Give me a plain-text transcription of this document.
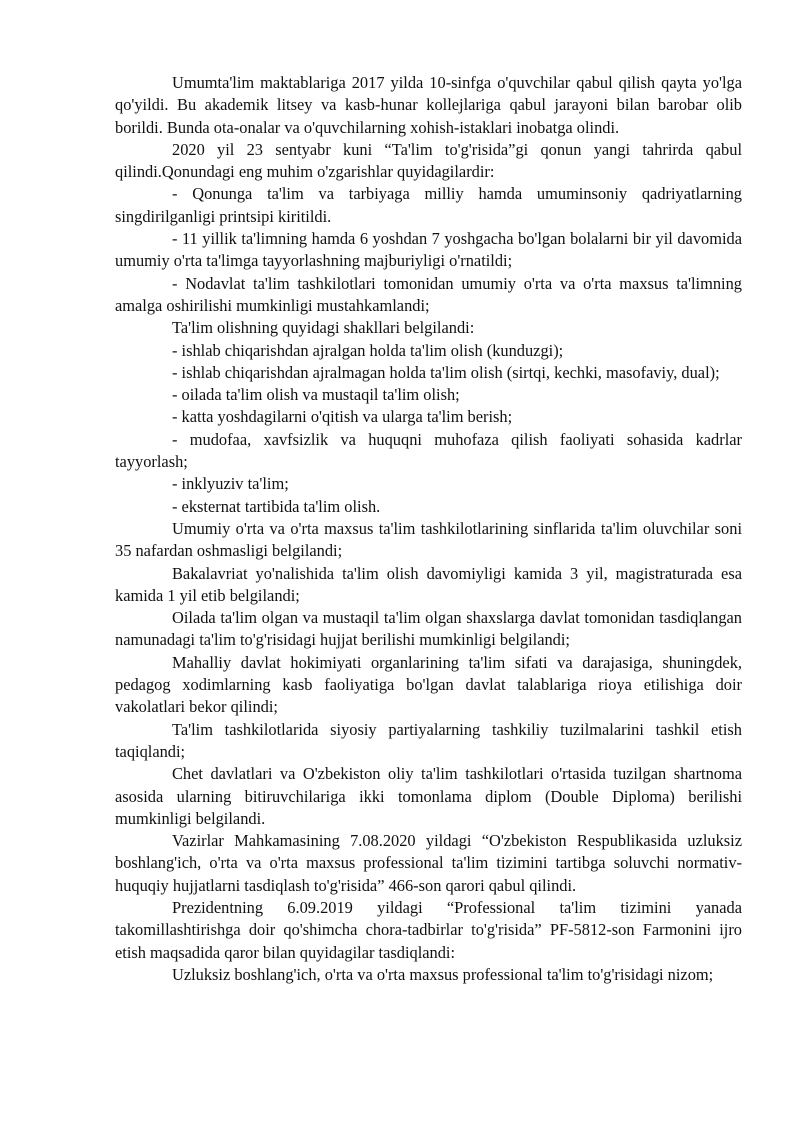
Umumta'lim maktablariga 2017 yilda 10-sinfga o'quvchilar qabul qilish qayta yo'lga qo'yildi. Bu akademik litsey va kasb-hunar kollejlariga qabul jarayoni bilan barobar olib borildi. Bunda ota-onalar va o'quvchilarning xohish-istaklari inobatga olindi.

2020 yil 23 sentyabr kuni “Ta'lim to'g'risida”gi qonun yangi tahrirda qabul qilindi.Qonundagi eng muhim o'zgarishlar quyidagilardir:

- Qonunga ta'lim va tarbiyaga milliy hamda umuminsoniy qadriyatlarning singdirilganligi printsipi kiritildi.

- 11 yillik ta'limning hamda 6 yoshdan 7 yoshgacha bo'lgan bolalarni bir yil davomida umumiy o'rta ta'limga tayyorlashning majburiyligi o'rnatildi;

- Nodavlat ta'lim tashkilotlari tomonidan umumiy o'rta va o'rta maxsus ta'limning amalga oshirilishi mumkinligi mustahkamlandi;

Ta'lim olishning quyidagi shakllari belgilandi:

- ishlab chiqarishdan ajralgan holda ta'lim olish (kunduzgi);

- ishlab chiqarishdan ajralmagan holda ta'lim olish (sirtqi, kechki, masofaviy, dual);

- oilada ta'lim olish va mustaqil ta'lim olish;

- katta yoshdagilarni o'qitish va ularga ta'lim berish;

- mudofaa, xavfsizlik va huquqni muhofaza qilish faoliyati sohasida kadrlar tayyorlash;

- inklyuziv ta'lim;

- eksternat tartibida ta'lim olish.

Umumiy o'rta va o'rta maxsus ta'lim tashkilotlarining sinflarida ta'lim oluvchilar soni 35 nafardan oshmasligi belgilandi;

Bakalavriat yo'nalishida ta'lim olish davomiyligi kamida 3 yil, magistraturada esa kamida 1 yil etib belgilandi;

Oilada ta'lim olgan va mustaqil ta'lim olgan shaxslarga davlat tomonidan tasdiqlangan namunadagi ta'lim to'g'risidagi hujjat berilishi mumkinligi belgilandi;

Mahalliy davlat hokimiyati organlarining ta'lim sifati va darajasiga, shuningdek, pedagog xodimlarning kasb faoliyatiga bo'lgan davlat talablariga rioya etilishiga doir vakolatlari bekor qilindi;

Ta'lim tashkilotlarida siyosiy partiyalarning tashkiliy tuzilmalarini tashkil etish taqiqlandi;

Chet davlatlari va O'zbekiston oliy ta'lim tashkilotlari o'rtasida tuzilgan shartnoma asosida ularning bitiruvchilariga ikki tomonlama diplom (Double Diploma) berilishi mumkinligi belgilandi.

Vazirlar Mahkamasining 7.08.2020 yildagi “O'zbekiston Respublikasida uzluksiz boshlang'ich, o'rta va o'rta maxsus professional ta'lim tizimini tartibga soluvchi normativ-huquqiy hujjatlarni tasdiqlash to'g'risida” 466-son qarori qabul qilindi.

Prezidentning 6.09.2019 yildagi “Professional ta'lim tizimini yanada takomillashtirishga doir qo'shimcha chora-tadbirlar to'g'risida” PF-5812-son Farmonini ijro etish maqsadida qaror bilan quyidagilar tasdiqlandi:

Uzluksiz boshlang'ich, o'rta va o'rta maxsus professional ta'lim to'g'risidagi nizom;
